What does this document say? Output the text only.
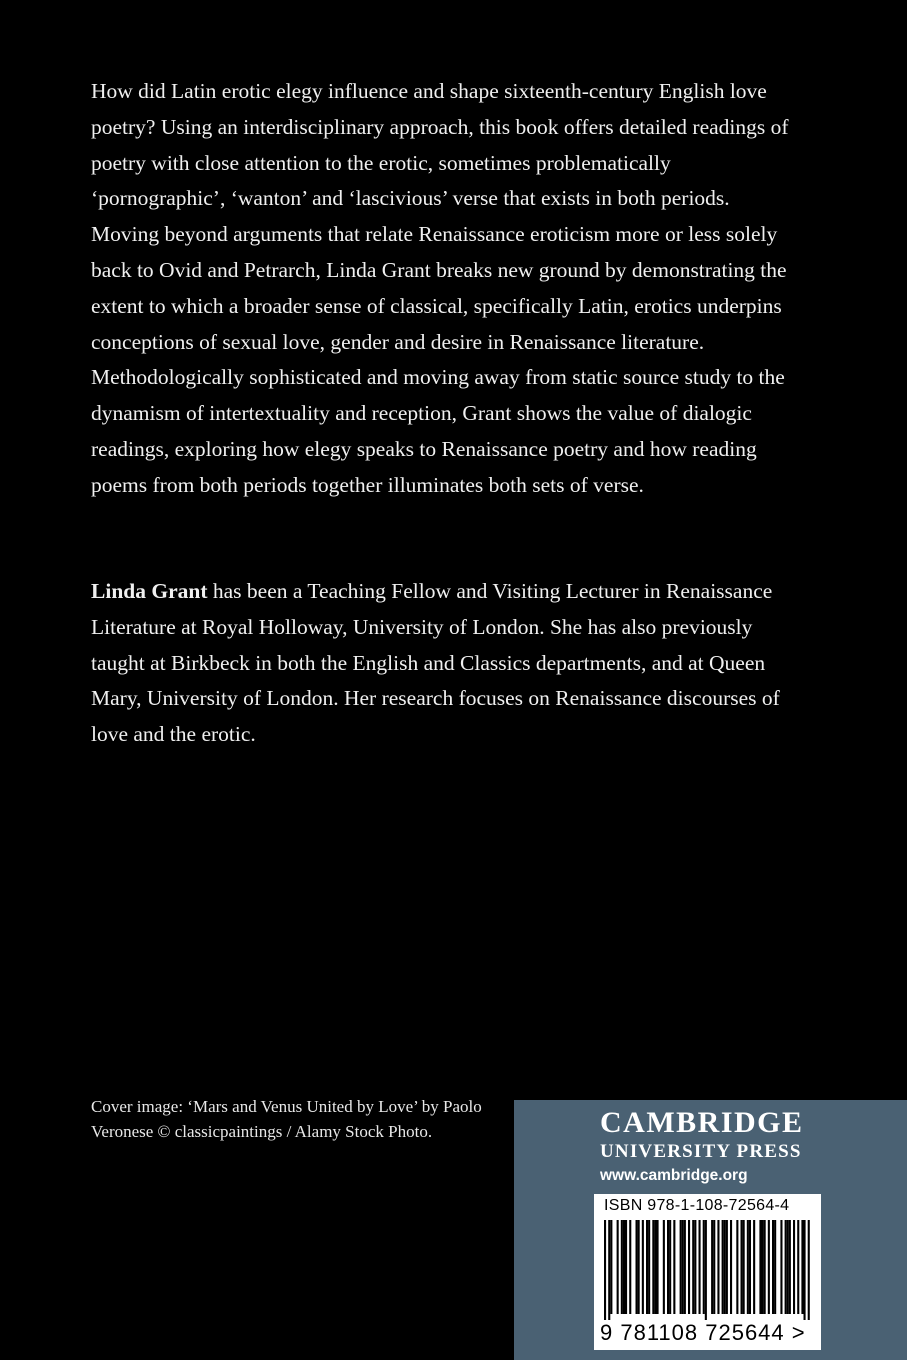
How did Latin erotic elegy influence and shape sixteenth-century English love poetry? Using an interdisciplinary approach, this book offers detailed readings of poetry with close attention to the erotic, sometimes problematically ‘pornographic’, ‘wanton’ and ‘lascivious’ verse that exists in both periods. Moving beyond arguments that relate Renaissance eroticism more or less solely back to Ovid and Petrarch, Linda Grant breaks new ground by demonstrating the extent to which a broader sense of classical, specifically Latin, erotics underpins conceptions of sexual love, gender and desire in Renaissance literature. Methodologically sophisticated and moving away from static source study to the dynamism of intertextuality and reception, Grant shows the value of dialogic readings, exploring how elegy speaks to Renaissance poetry and how reading poems from both periods together illuminates both sets of verse.

Linda Grant has been a Teaching Fellow and Visiting Lecturer in Renaissance Literature at Royal Holloway, University of London. She has also previously taught at Birkbeck in both the English and Classics departments, and at Queen Mary, University of London. Her research focuses on Renaissance discourses of love and the erotic.

Cover image: ‘Mars and Venus United by Love’ by Paolo Veronese © classicpaintings / Alamy Stock Photo.	CAMBRIDGE
UNIVERSITY PRESS
www.cambridge.org
ISBN 978-1-108-72564-4
9 781108 725644 >
